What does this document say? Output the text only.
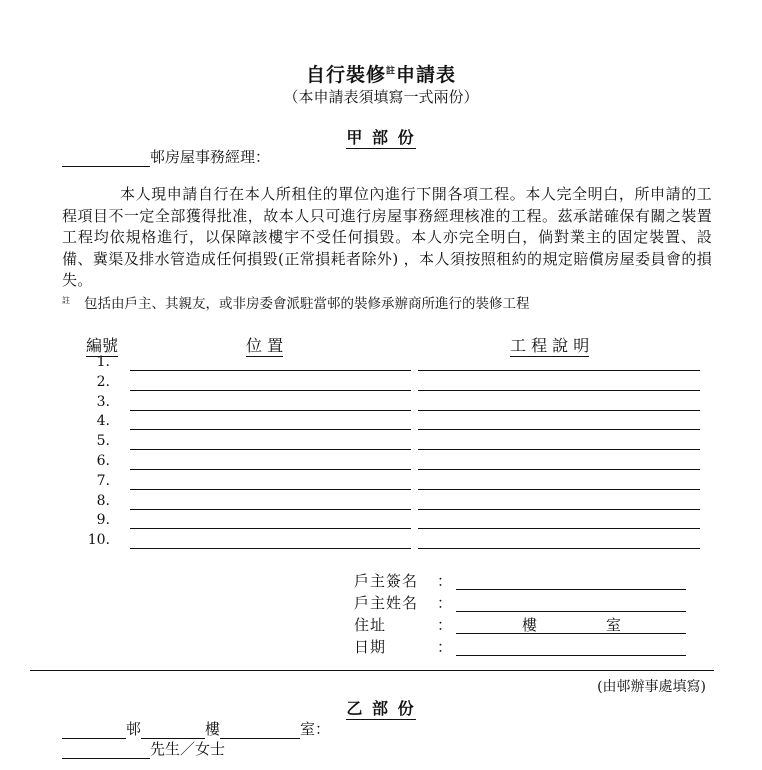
自行裝修$^註$申請表
（本申請表須填寫一式兩份）
甲 部 份
邨房屋事務經理：
本人現申請自行在本人所租住的單位內進行下開各項工程。本人完全明白，所申請的工程項目不一定全部獲得批准，故本人只可進行房屋事務經理核准的工程。茲承諾確保有關之裝置工程均依規格進行，以保障該樓宇不受任何損毀。本人亦完全明白，倘對業主的固定裝置、設備、冀渠及排水管造成任何損毀(正常損耗者除外) ，本人須按照租約的規定賠償房屋委員會的損失。
$^註$ 包括由戶主、其親友，或非房委會派駐當邨的裝修承辦商所進行的裝修工程
編號	位 置	工 程 說 明
1.
2.
3.
4.
5.
6.
7.
8.
9.
10.
戶主簽名 ：
戶主姓名 ：
住址	：	樓	室
日期	：
(由邨辦事處填寫)
乙 部 份
邨	樓	室：
先生／女士
